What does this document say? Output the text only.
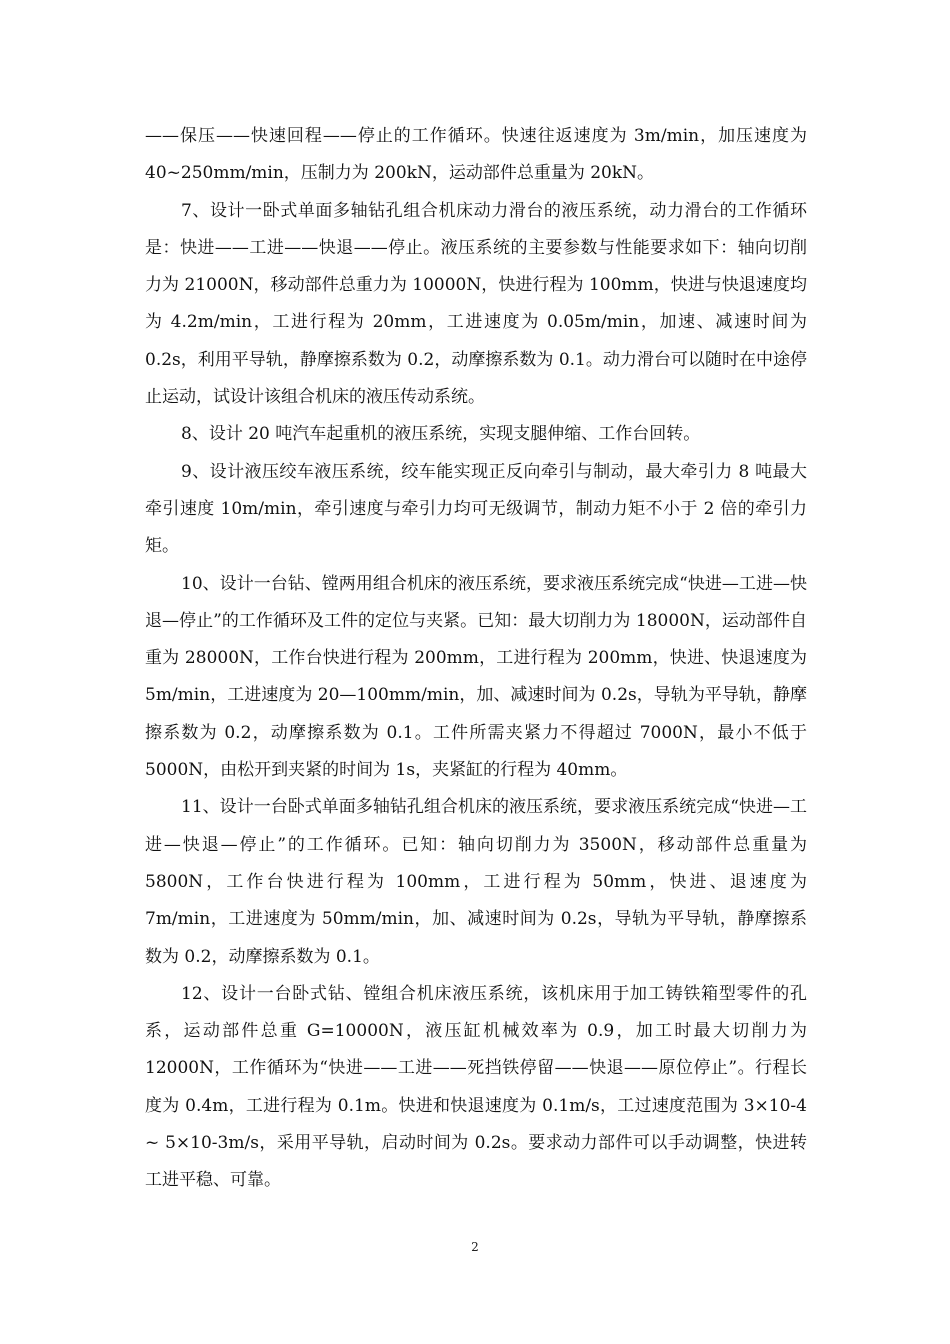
——保压——快速回程——停止的工作循环。快速往返速度为 3m/min，加压速度为 40~250mm/min，压制力为 200kN，运动部件总重量为 20kN。

7、设计一卧式单面多轴钻孔组合机床动力滑台的液压系统，动力滑台的工作循环是：快进——工进——快退——停止。液压系统的主要参数与性能要求如下：轴向切削力为 21000N，移动部件总重力为 10000N，快进行程为 100mm，快进与快退速度均为 4.2m/min，工进行程为 20mm，工进速度为 0.05m/min，加速、减速时间为 0.2s，利用平导轨，静摩擦系数为 0.2，动摩擦系数为 0.1。动力滑台可以随时在中途停止运动，试设计该组合机床的液压传动系统。

8、设计 20 吨汽车起重机的液压系统，实现支腿伸缩、工作台回转。

9、设计液压绞车液压系统，绞车能实现正反向牵引与制动，最大牵引力 8 吨最大牵引速度 10m/min，牵引速度与牵引力均可无级调节，制动力矩不小于 2 倍的牵引力矩。

10、设计一台钻、镗两用组合机床的液压系统，要求液压系统完成“快进—工进—快退—停止”的工作循环及工件的定位与夹紧。已知：最大切削力为 18000N，运动部件自重为 28000N，工作台快进行程为 200mm，工进行程为 200mm，快进、快退速度为 5m/min，工进速度为 20—100mm/min，加、减速时间为 0.2s，导轨为平导轨，静摩擦系数为 0.2，动摩擦系数为 0.1。工件所需夹紧力不得超过 7000N，最小不低于 5000N，由松开到夹紧的时间为 1s，夹紧缸的行程为 40mm。

11、设计一台卧式单面多轴钻孔组合机床的液压系统，要求液压系统完成“快进—工进—快退—停止”的工作循环。已知：轴向切削力为 3500N，移动部件总重量为 5800N，工作台快进行程为 100mm，工进行程为 50mm，快进、退速度为 7m/min，工进速度为 50mm/min，加、减速时间为 0.2s，导轨为平导轨，静摩擦系数为 0.2，动摩擦系数为 0.1。

12、设计一台卧式钻、镗组合机床液压系统，该机床用于加工铸铁箱型零件的孔系，运动部件总重 G=10000N，液压缸机械效率为 0.9，加工时最大切削力为 12000N，工作循环为“快进——工进——死挡铁停留——快退——原位停止”。行程长度为 0.4m，工进行程为 0.1m。快进和快退速度为 0.1m/s，工过速度范围为 3×10-4 ~ 5×10-3m/s，采用平导轨，启动时间为 0.2s。要求动力部件可以手动调整，快进转工进平稳、可靠。

2
